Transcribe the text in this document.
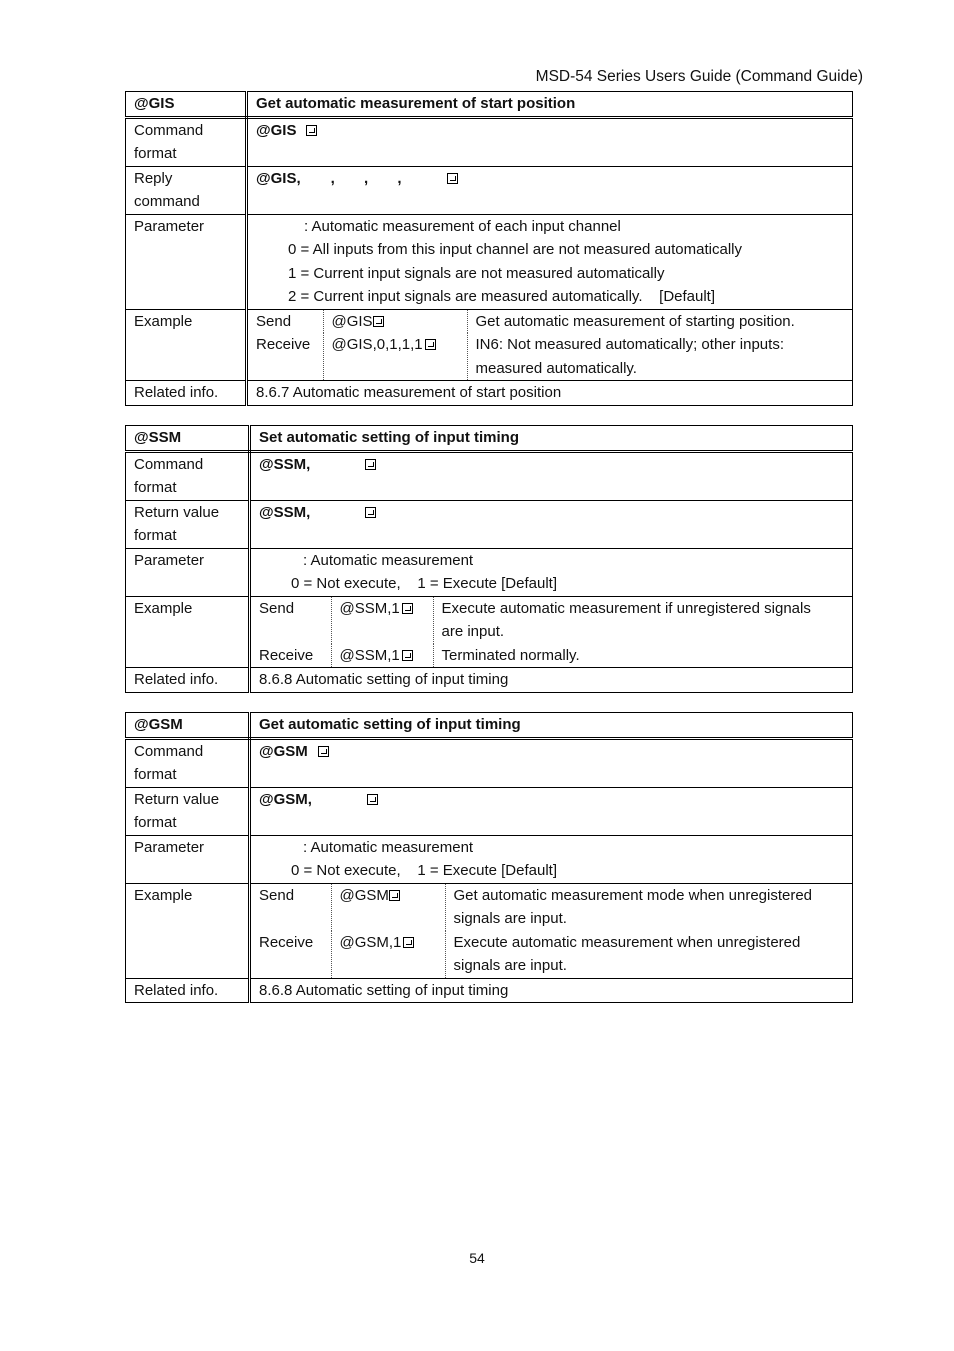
MSD-54 Series Users Guide (Command Guide)
@GIS	Get automatic measurement of start position

Command
format
	@GIS

Reply
command
	@GIS, ,       ,       ,
Parameter	: Automatic measurement of each input channel
0 = All inputs from this input channel are not measured automatically
1 = Current input signals are not measured automatically
2 = Current input signals are measured automatically.    [Default]

Example		Send	@GIS	Get automatic measurement of starting position.
Receive	@GIS,0,1,1,1	IN6: Not measured automatically; other inputs:
measured automatically.

Related info.	8.6.7 Automatic measurement of start position
@SSM	Set automatic setting of input timing

Command
format
	@SSM,

Return value
format
	@SSM,
Parameter	: Automatic measurement
0 = Not execute,    1 = Execute [Default]

Example		Send	@SSM,1	Execute automatic measurement if unregistered signals
are input.

Receive	@SSM,1	Terminated normally.

Related info.	8.6.8 Automatic setting of input timing
@GSM	Get automatic setting of input timing

Command
format
	@GSM

Return value
format
	@GSM,
Parameter	: Automatic measurement
0 = Not execute,    1 = Execute [Default]

Example		Send	@GSM	Get automatic measurement mode when unregistered
signals are input.

Receive	@GSM,1	Execute automatic measurement when unregistered
signals are input.

Related info.	8.6.8 Automatic setting of input timing
54
